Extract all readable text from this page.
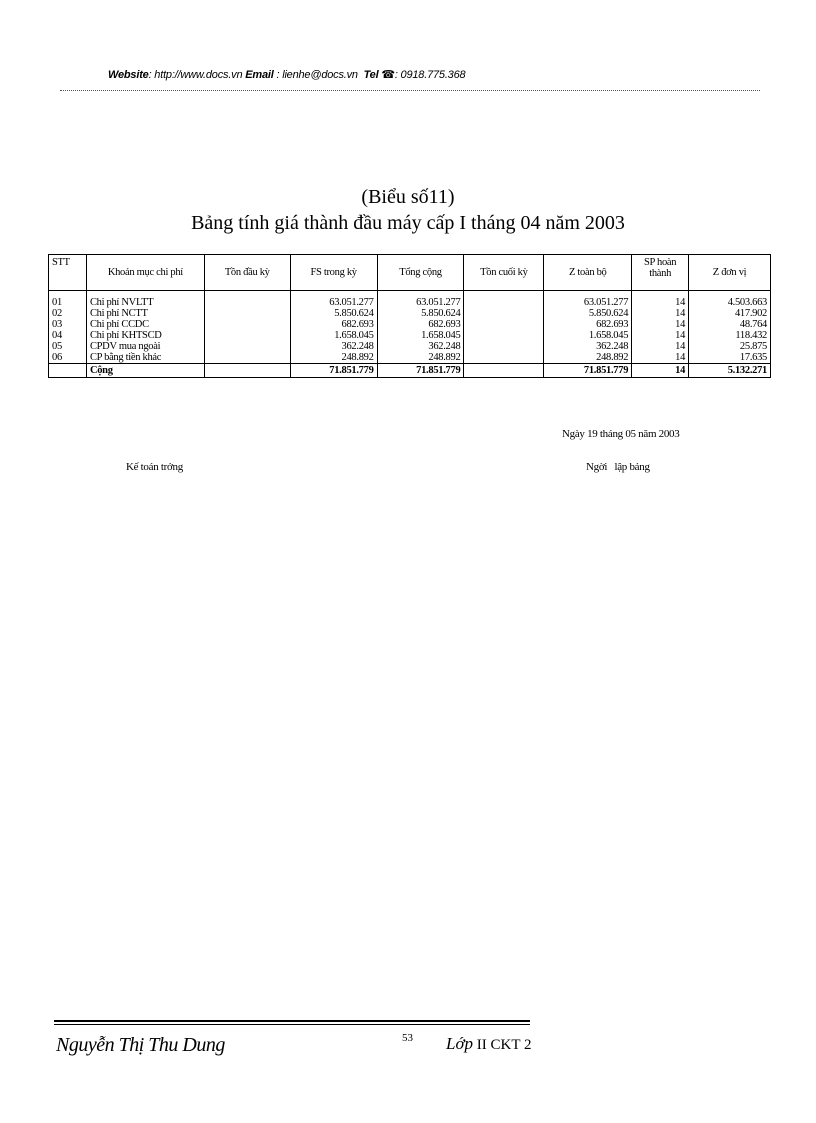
Website: http://www.docs.vn Email : lienhe@docs.vn Tel ☎: 0918.775.368
(Biểu số11)
Bảng tính giá thành đầu máy cấp I tháng 04 năm 2003
STT	Khoản mục chi phí	Tồn đầu kỳ	FS trong kỳ	Tổng cộng	Tồn cuối kỳ	Z toàn bộ	SP hoàn thành	Z đơn vị
01	Chi phí NVLTT		63.051.277	63.051.277		63.051.277	14	4.503.663
02	Chi phí NCTT		5.850.624	5.850.624		5.850.624	14	417.902
03	Chi phí CCDC		682.693	682.693		682.693	14	48.764
04	Chi phí KHTSCD		1.658.045	1.658.045		1.658.045	14	118.432
05	CPDV mua ngoài		362.248	362.248		362.248	14	25.875
06	CP bằng tiền khác		248.892	248.892		248.892	14	17.635
	Cộng		71.851.779	71.851.779		71.851.779	14	5.132.271
Ngày 19 tháng 05 năm 2003
Kế toán trởng	Ngời   lập bảng
Nguyễn Thị Thu Dung	53 Lớp II CKT 2
